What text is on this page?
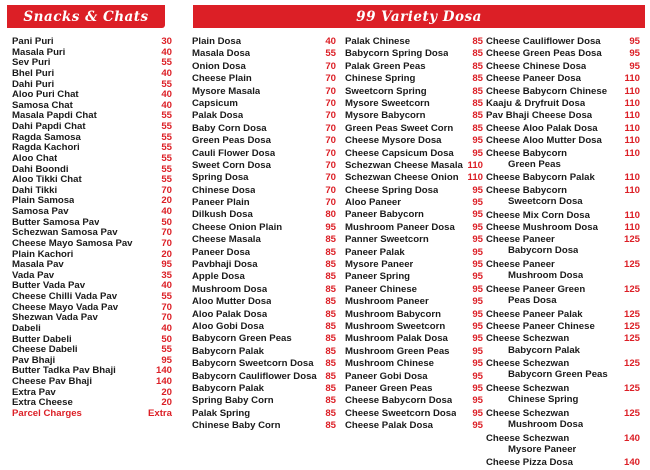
Snacks & Chats	99 Variety Dosa
Pani Puri	30
Masala Puri	40
Sev Puri	55
Bhel Puri	40
Dahi Puri	55
Aloo Puri Chat	40
Samosa Chat	40
Masala Papdi Chat	55
Dahi Papdi Chat	55
Ragda Samosa	55
Ragda Kachori	55
Aloo Chat	55
Dahi Boondi	55
Aloo Tikki Chat	55
Dahi Tikki	70
Plain Samosa	20
Samosa Pav	40
Butter Samosa Pav	50
Schezwan Samosa Pav	70
Cheese Mayo Samosa Pav	70
Plain Kachori	20
Masala Pav	95
Vada Pav	35
Butter Vada Pav	40
Cheese Chilli Vada Pav	55
Cheese Mayo Vada Pav	70
Shezwan Vada Pav	70
Dabeli	40
Butter Dabeli	50
Cheese Dabeli	55
Pav Bhaji	95
Butter Tadka Pav Bhaji	140
Cheese Pav Bhaji	140
Extra Pav	20
Extra Cheese	20
Parcel Charges	Extra
Plain Dosa	40
Masala Dosa	55
Onion Dosa	70
Cheese Plain	70
Mysore Masala	70
Capsicum	70
Palak Dosa	70
Baby Corn Dosa	70
Green Peas Dosa	70
Cauli Flower Dosa	70
Sweet Corn Dosa	70
Spring Dosa	70
Chinese Dosa	70
Paneer Plain	70
Dilkush Dosa	80
Cheese Onion Plain	95
Cheese Masala	85
Paneer Dosa	85
Pavbhaji Dosa	85
Apple Dosa	85
Mushroom Dosa	85
Aloo Mutter Dosa	85
Aloo Palak Dosa	85
Aloo Gobi Dosa	85
Babycorn Green Peas	85
Babycorn Palak	85
Babycorn Sweetcorn Dosa	85
Babycorn Cauliflower Dosa 85
Babycorn Palak	85
Spring Baby Corn	85
Palak Spring	85
Chinese Baby Corn	85
Palak Chinese	85
Babycorn Spring Dosa	85
Palak Green Peas	85
Chinese Spring	85
Sweetcorn Spring	85
Mysore Sweetcorn	85
Mysore Babycorn	85
Green Peas Sweet Corn	85
Cheese Mysore Dosa	95
Cheese Capsicum Dosa	95
Schezwan Cheese Masala 110
Schezwan Cheese Onion 110
Cheese Spring Dosa	95
Aloo Paneer	95
Paneer Babycorn	95
Mushroom Paneer Dosa	95
Panner Sweetcorn	95
Paneer Palak	95
Mysore Paneer	95
Paneer Spring	95
Paneer Chinese	95
Mushroom Paneer	95
Mushroom Babycorn	95
Mushroom Sweetcorn	95
Mushroom Palak Dosa	95
Mushroom Green Peas	95
Mushroom Chinese	95
Paneer Gobi Dosa	95
Paneer Green Peas	95
Cheese Babycorn Dosa	95
Cheese Sweetcorn Dosa	95
Cheese Palak Dosa	95
Cheese Cauliflower Dosa	95
Cheese Green Peas Dosa	95
Cheese Chinese Dosa	95
Cheese Paneer Dosa	110
Cheese Babycorn Chinese	110
Kaaju & Dryfruit Dosa	110
Pav Bhaji Cheese Dosa	110
Cheese Aloo Palak Dosa	110
Cheese Aloo Mutter Dosa	110
Cheese Babycorn
Green Peas
110
Cheese Babycorn Palak	110
Cheese Babycorn
Sweetcorn Dosa
110
Cheese Mix Corn Dosa	110
Cheese Mushroom Dosa	110
Cheese Paneer
Babycorn Dosa
125
Cheese Paneer
Mushroom Dosa
125
Cheese Paneer Green
Peas Dosa
125
Cheese Paneer Palak	125
Cheese Paneer Chinese	125
Cheese Schezwan
Babycorn Palak
125
Cheese Schezwan
Babycorn Green Peas
125
Cheese Schezwan
Chinese Spring
125
Cheese Schezwan
Mushroom Dosa
125
Cheese Schezwan
Mysore Paneer
140
Cheese Pizza Dosa	140
